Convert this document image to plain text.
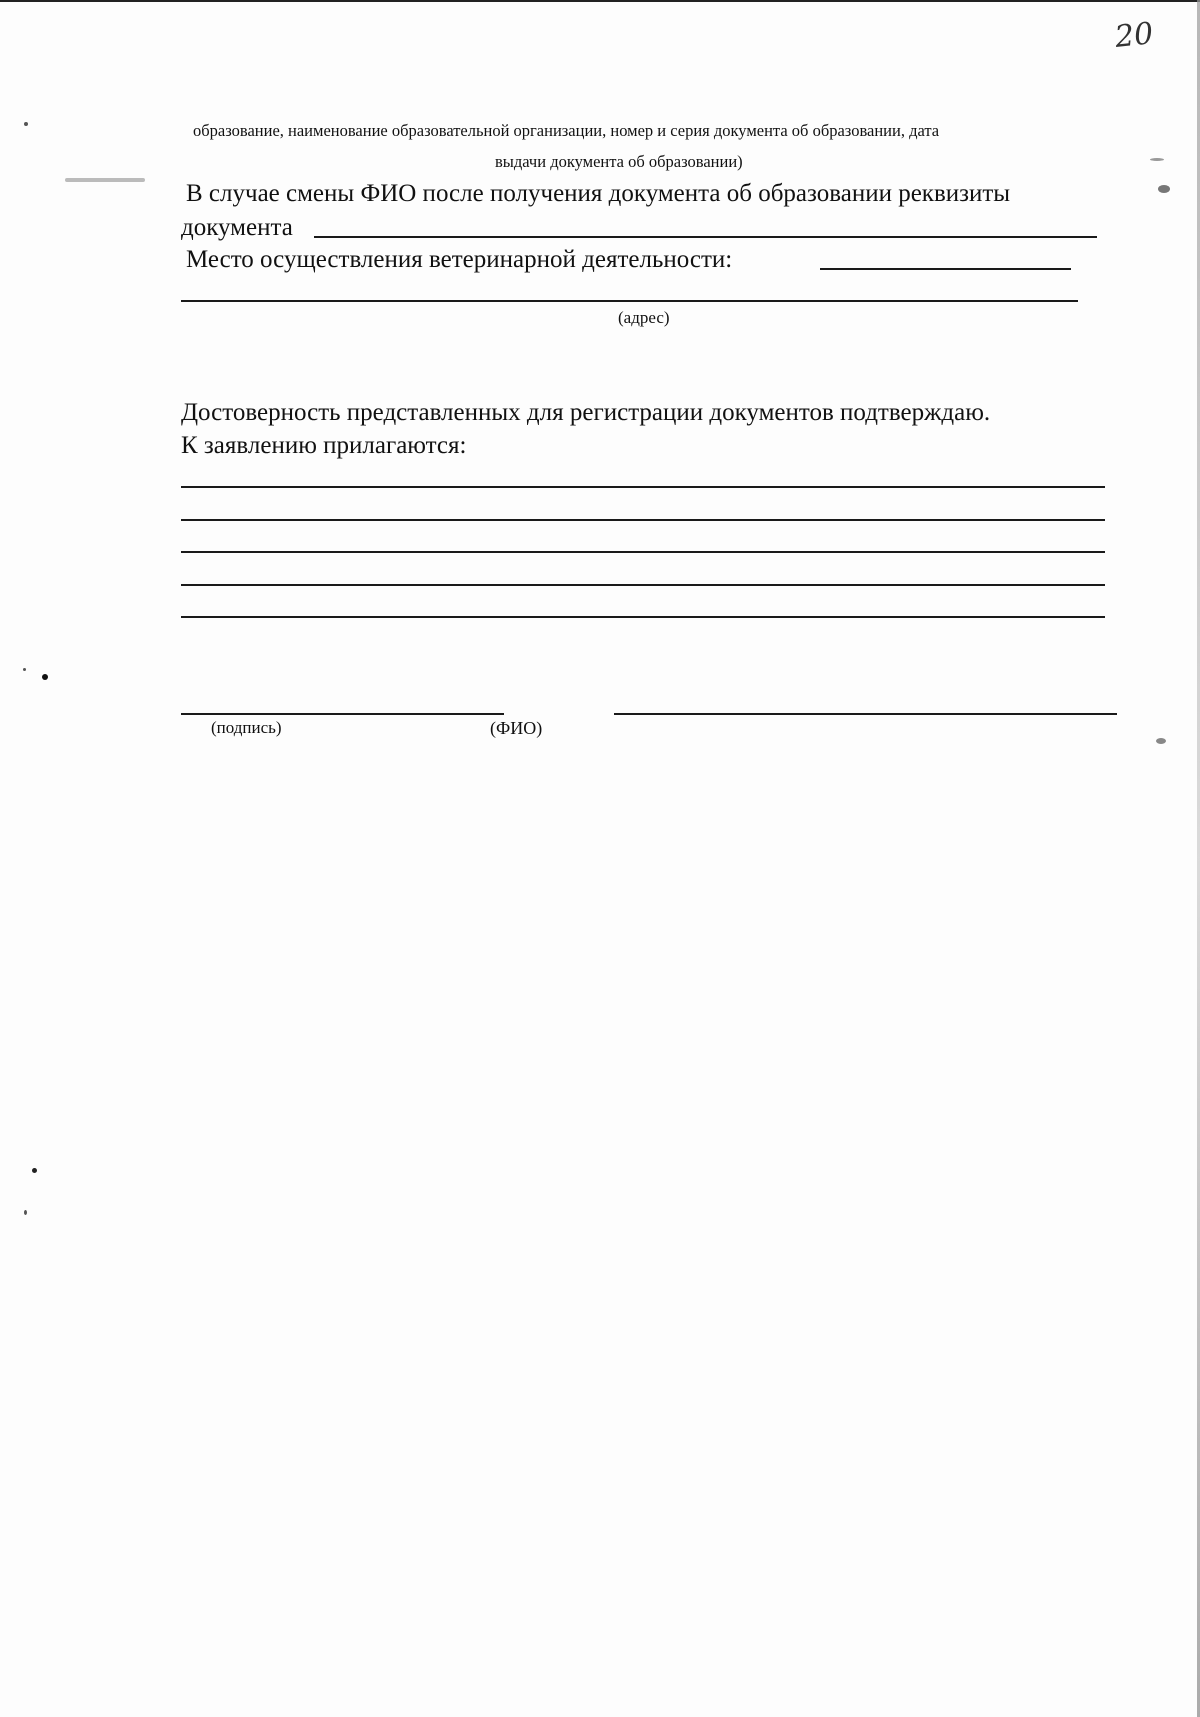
20
образование, наименование образовательной организации, номер и серия документа об образовании, дата
выдачи документа об образовании)
В случае смены ФИО после получения документа об образовании реквизиты
документа
Место осуществления ветеринарной деятельности:
(адрес)
Достоверность представленных для регистрации документов подтверждаю.
К заявлению прилагаются:
(подпись)	(ФИО)
